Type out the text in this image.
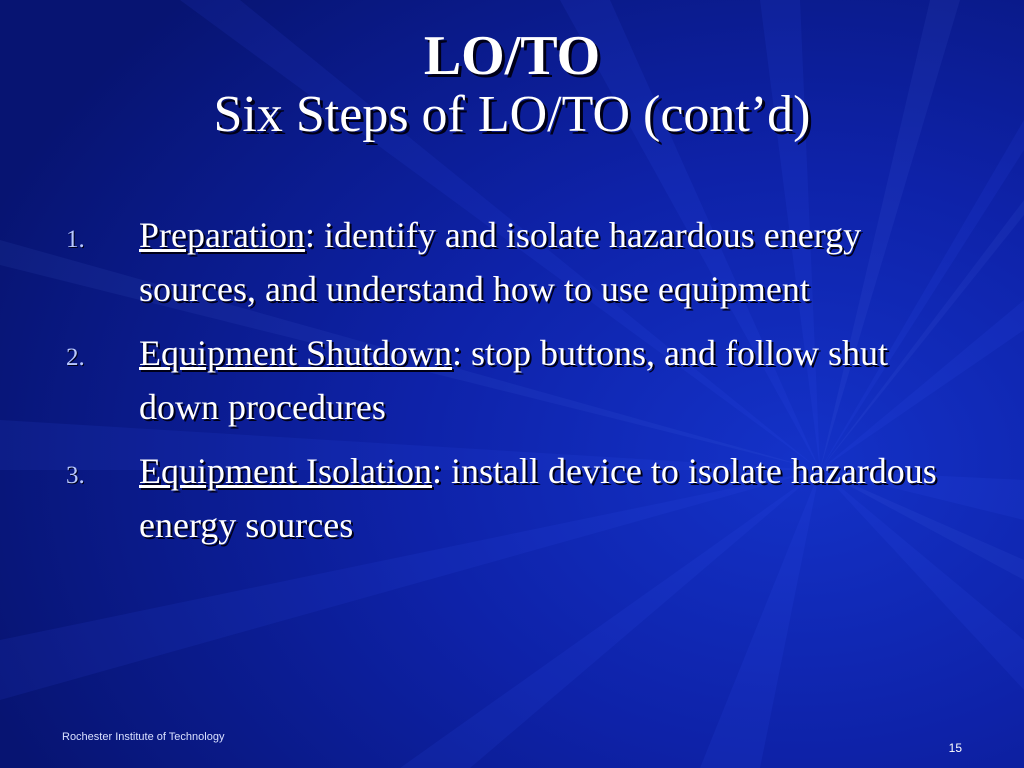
LO/TO
Six Steps of LO/TO (cont’d)
1. Preparation: identify and isolate hazardous energy sources, and understand how to use equipment
2. Equipment Shutdown: stop buttons, and follow shut down procedures
3. Equipment Isolation: install device to isolate hazardous energy sources
Rochester Institute of Technology
15
